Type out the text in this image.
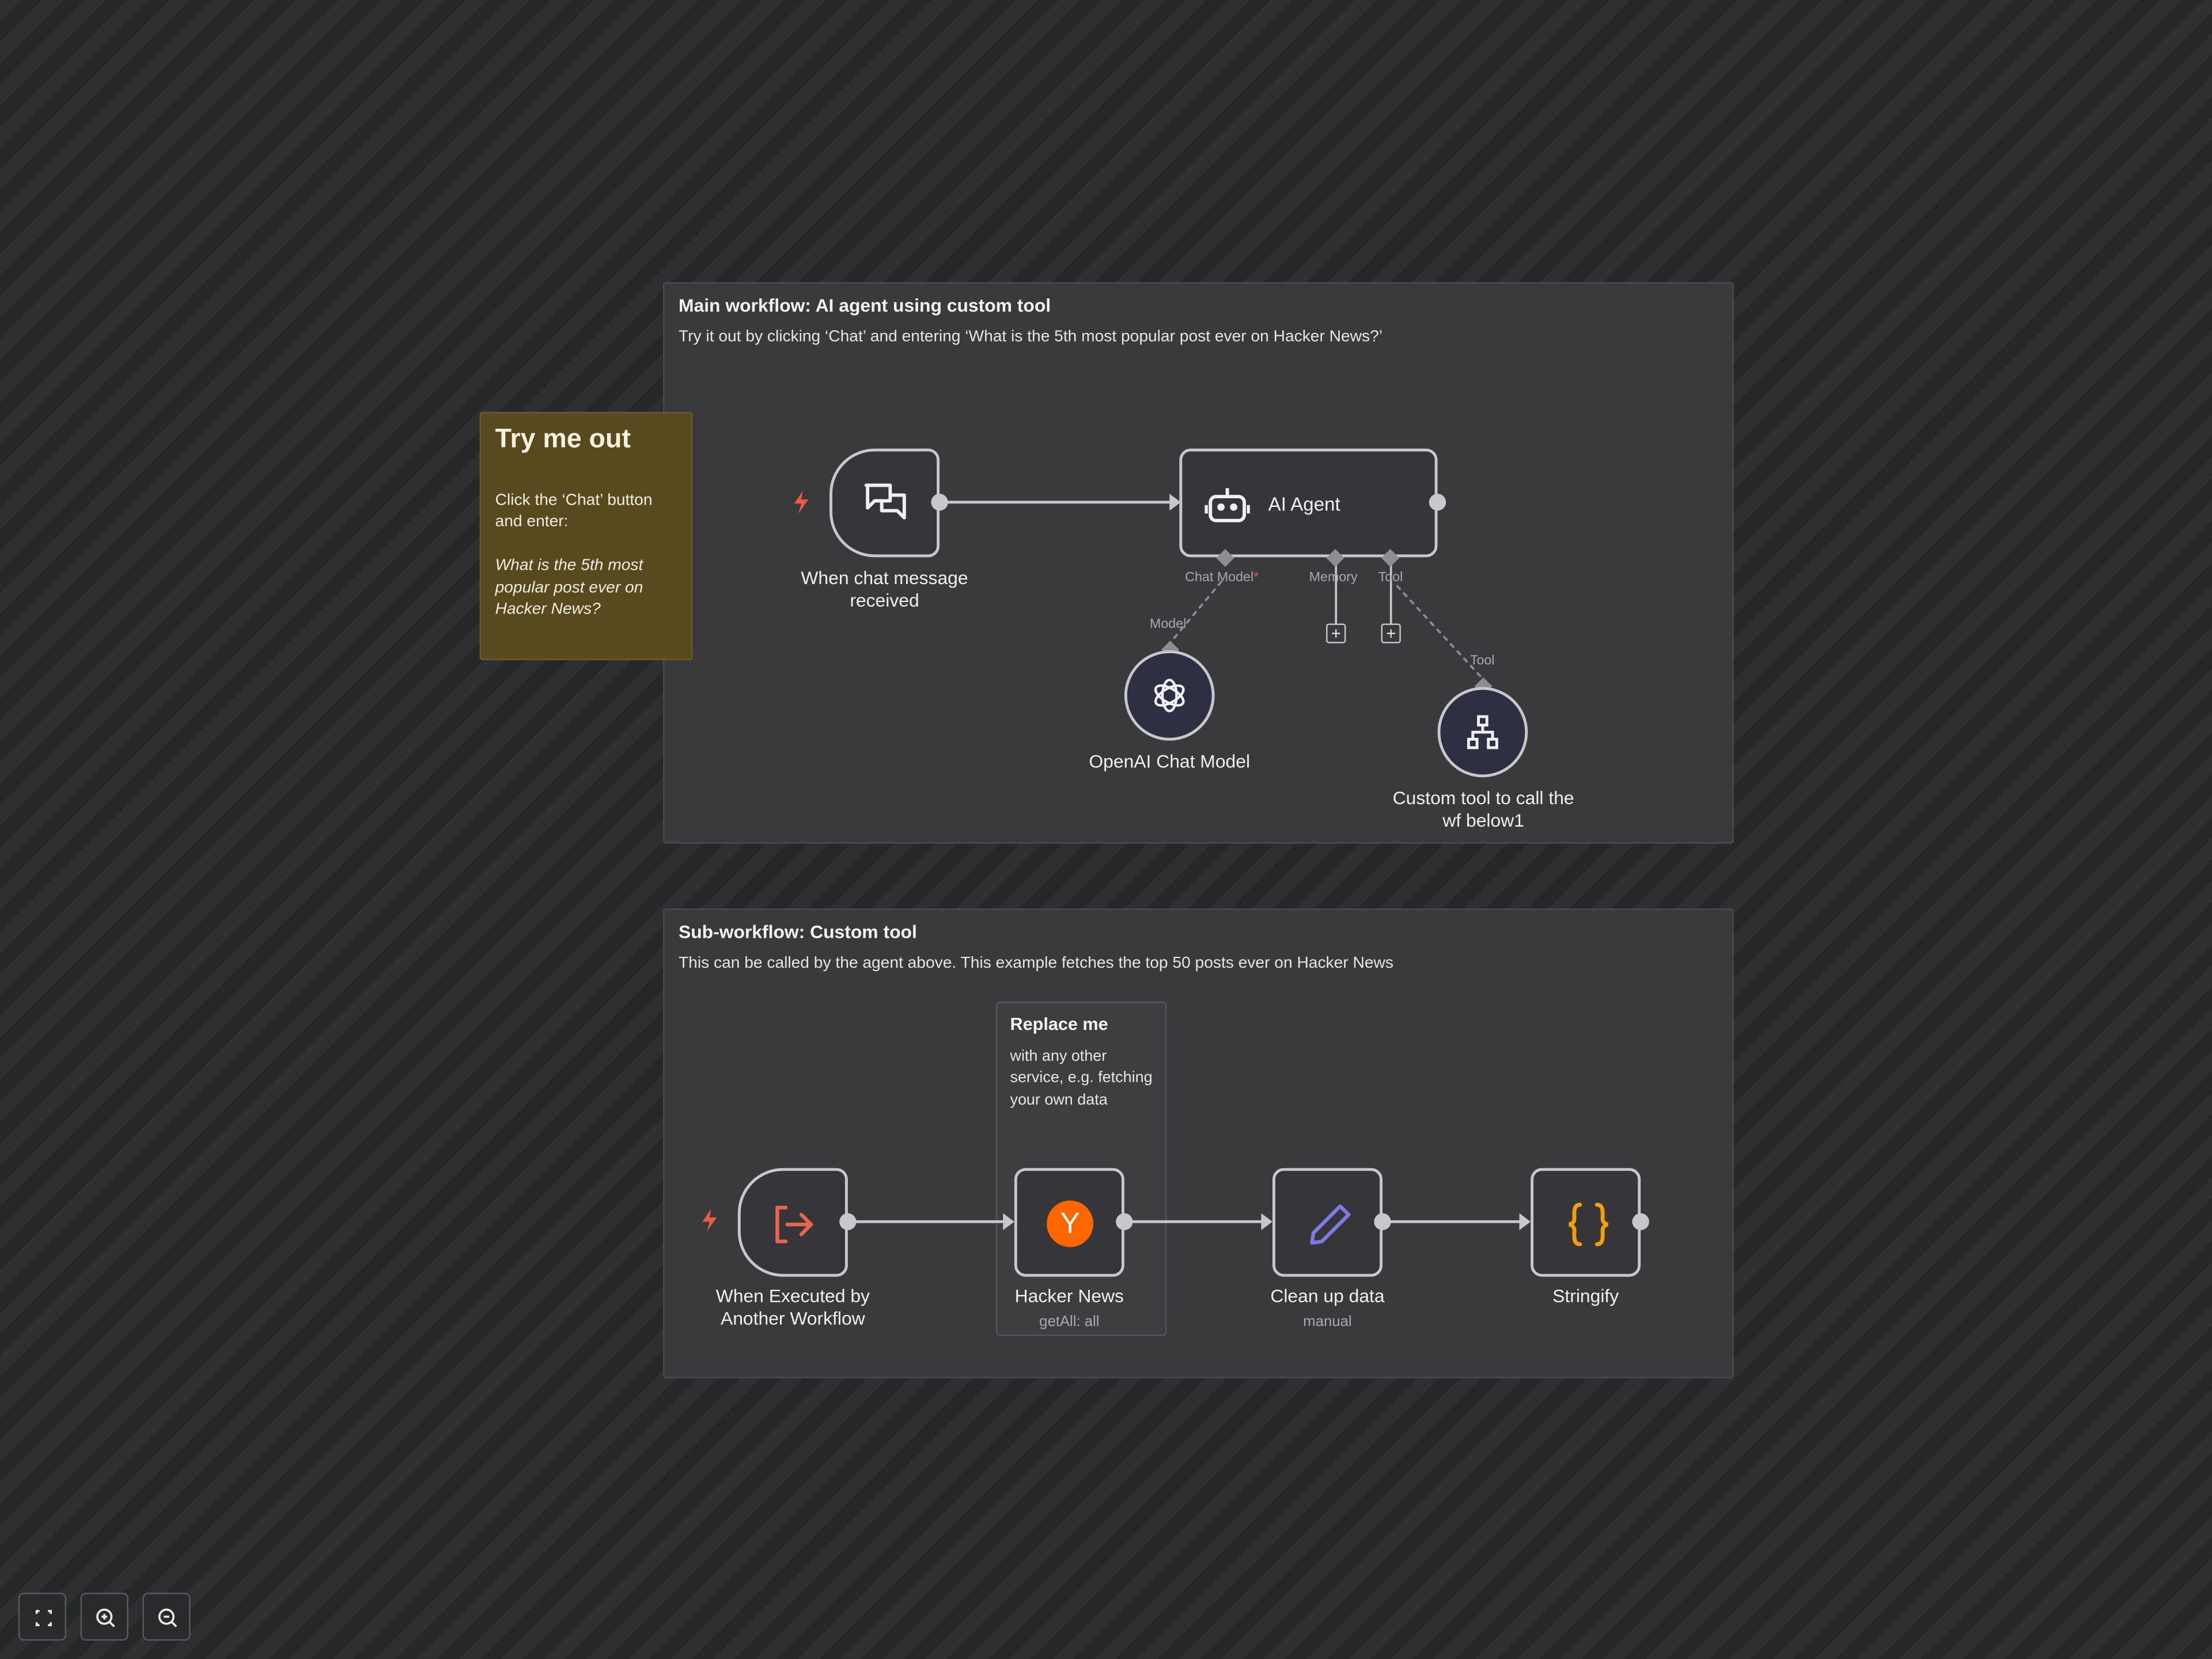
Main workflow: AI agent using custom tool
Try it out by clicking ‘Chat’ and entering ‘What is the 5th most popular post ever on Hacker News?’
Sub-workflow: Custom tool
This can be called by the agent above. This example fetches the top 50 posts ever on Hacker News
Try me out
Click the ‘Chat’ button and enter:
What is the 5th most popular post ever on Hacker News?
Replace me
with any other service, e.g. fetching your own data
When chat message received
AI Agent
Chat Model*	Memory	Tool
+	+
Model
OpenAI Chat Model
Tool
Custom tool to call the wf below1
When Executed by Another Workflow
Y
Hacker News
getAll: all
Clean up data
manual
Stringify
